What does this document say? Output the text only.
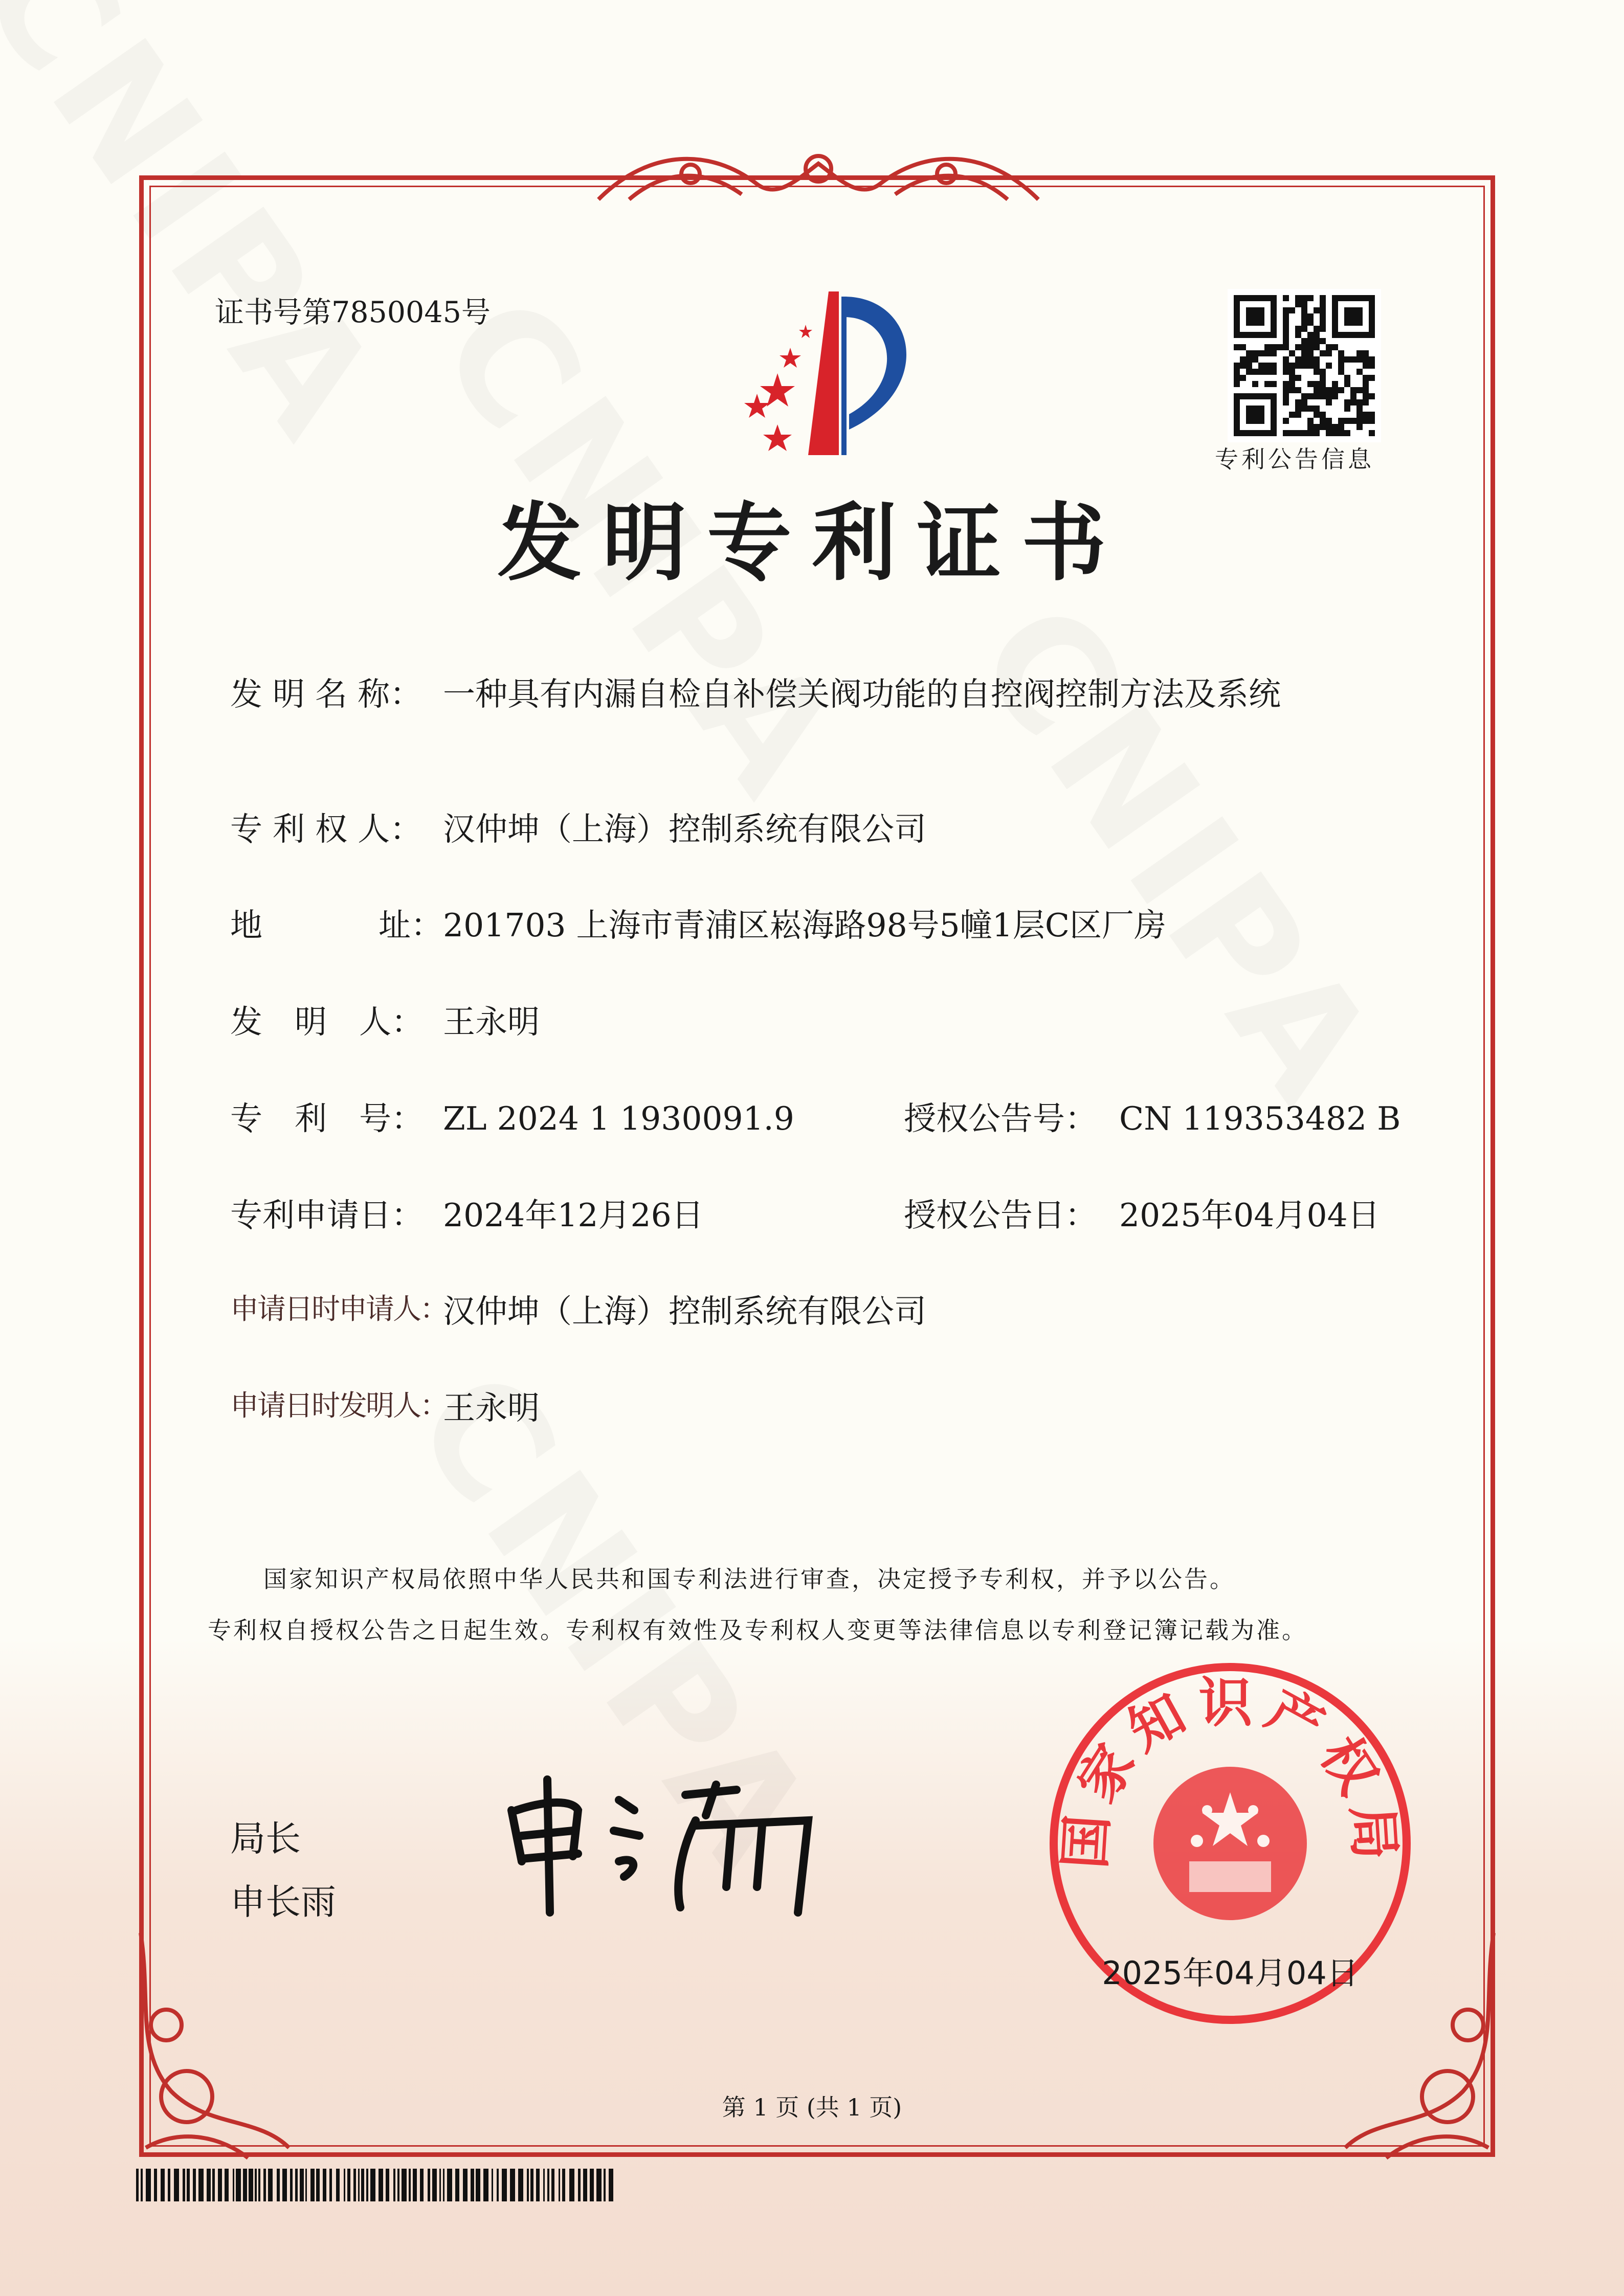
证书号第7850045号
专利公告信息
发明专利证书
发 明 名 称： 一种具有内漏自检自补偿关阀功能的自控阀控制方法及系统
专 利 权 人： 汉仲坤（上海）控制系统有限公司
地	址： 201703 上海市青浦区崧海路98号5幢1层C区厂房
发　明　人： 王永明
专　利　号： ZL 2024 1 1930091.9	授权公告号： CN 119353482 B
专利申请日： 2024年12月26日	授权公告日： 2025年04月04日
申请日时申请人：
汉仲坤（上海）控制系统有限公司
申请日时发明人：
王永明
国家知识产权局依照中华人民共和国专利法进行审查，决定授予专利权，并予以公告。
专利权自授权公告之日起生效。专利权有效性及专利权人变更等法律信息以专利登记簿记载为准。
局长
申长雨
国家知识产权局
2025年04月04日
第 1 页 (共 1 页)
